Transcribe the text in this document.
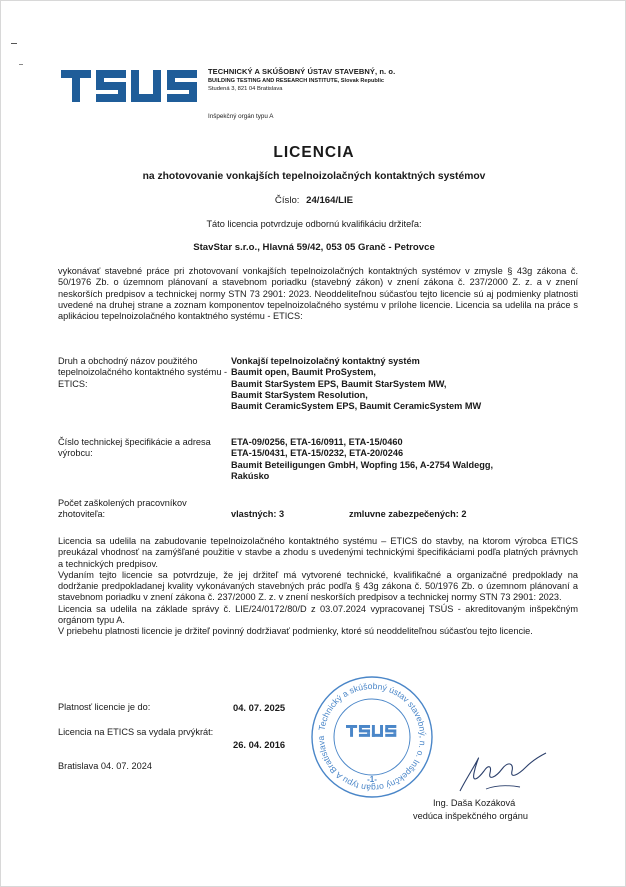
TECHNICKÝ A SKÚŠOBNÝ ÚSTAV STAVEBNÝ, n. o.
BUILDING TESTING AND RESEARCH INSTITUTE, Slovak Republic
Studená 3, 821 04 Bratislava
Inšpekčný orgán typu A
LICENCIA
na zhotovovanie vonkajších tepelnoizolačných kontaktných systémov
Číslo: 24/164/LIE
Táto licencia potvrdzuje odbornú kvalifikáciu držiteľa:
StavStar s.r.o., Hlavná 59/42, 053 05 Granč - Petrovce
vykonávať stavebné práce pri zhotovovaní vonkajších tepelnoizolačných kontaktných systémov v zmysle § 43g zákona č. 50/1976 Zb. o územnom plánovaní a stavebnom poriadku (stavebný zákon) v znení zákona č. 237/2000 Z. z. a v znení neskorších predpisov a technickej normy STN 73 2901: 2023. Neoddeliteľnou súčasťou tejto licencie sú aj podmienky platnosti uvedené na druhej strane a zoznam komponentov tepelnoizolačného systému v prílohe licencie. Licencia sa udelila na práce s aplikáciou tepelnoizolačného kontaktného systému - ETICS:
Druh a obchodný názov použitého tepelnoizolačného kontaktného systému - ETICS:
Vonkajší tepelnoizolačný kontaktný systém
Baumit open, Baumit ProSystem,
Baumit StarSystem EPS, Baumit StarSystem MW,
Baumit StarSystem Resolution,
Baumit CeramicSystem EPS, Baumit CeramicSystem MW
Číslo technickej špecifikácie a adresa výrobcu:
ETA-09/0256, ETA-16/0911, ETA-15/0460
ETA-15/0431, ETA-15/0232, ETA-20/0246
Baumit Beteiligungen GmbH, Wopfing 156, A-2754 Waldegg,
Rakúsko
Počet zaškolených pracovníkov zhotoviteľa:	vlastných: 3	zmluvne zabezpečených: 2
Licencia sa udelila na zabudovanie tepelnoizolačného kontaktného systému – ETICS do stavby, na ktorom výrobca ETICS preukázal vhodnosť na zamýšľané použitie v stavbe a zhodu s uvedenými technickými špecifikáciami podľa platných právnych a technických predpisov.
Vydaním tejto licencie sa potvrdzuje, že jej držiteľ má vytvorené technické, kvalifikačné a organizačné predpoklady na dodržanie predpokladanej kvality vykonávaných stavebných prác podľa § 43g zákona č. 50/1976 Zb. o územnom plánovaní a stavebnom poriadku v znení zákona č. 237/2000 Z. z. v znení neskorších predpisov a technickej normy STN 73 2901: 2023.
Licencia sa udelila na základe správy č. LIE/24/0172/80/D z 03.07.2024 vypracovanej TSÚS - akreditovaným inšpekčným orgánom typu A.
V priebehu platnosti licencie je držiteľ povinný dodržiavať podmienky, ktoré sú neoddeliteľnou súčasťou tejto licencie.
Platnosť licencie je do:	04. 07. 2025
Licencia na ETICS sa vydala prvýkrát:
26. 04. 2016
Bratislava 04. 07. 2024
Technický a skúšobný ústav stavebný, n. o. Inšpekčný orgán typu A Bratislava
-1-
Ing. Daša Kozáková
vedúca inšpekčného orgánu
